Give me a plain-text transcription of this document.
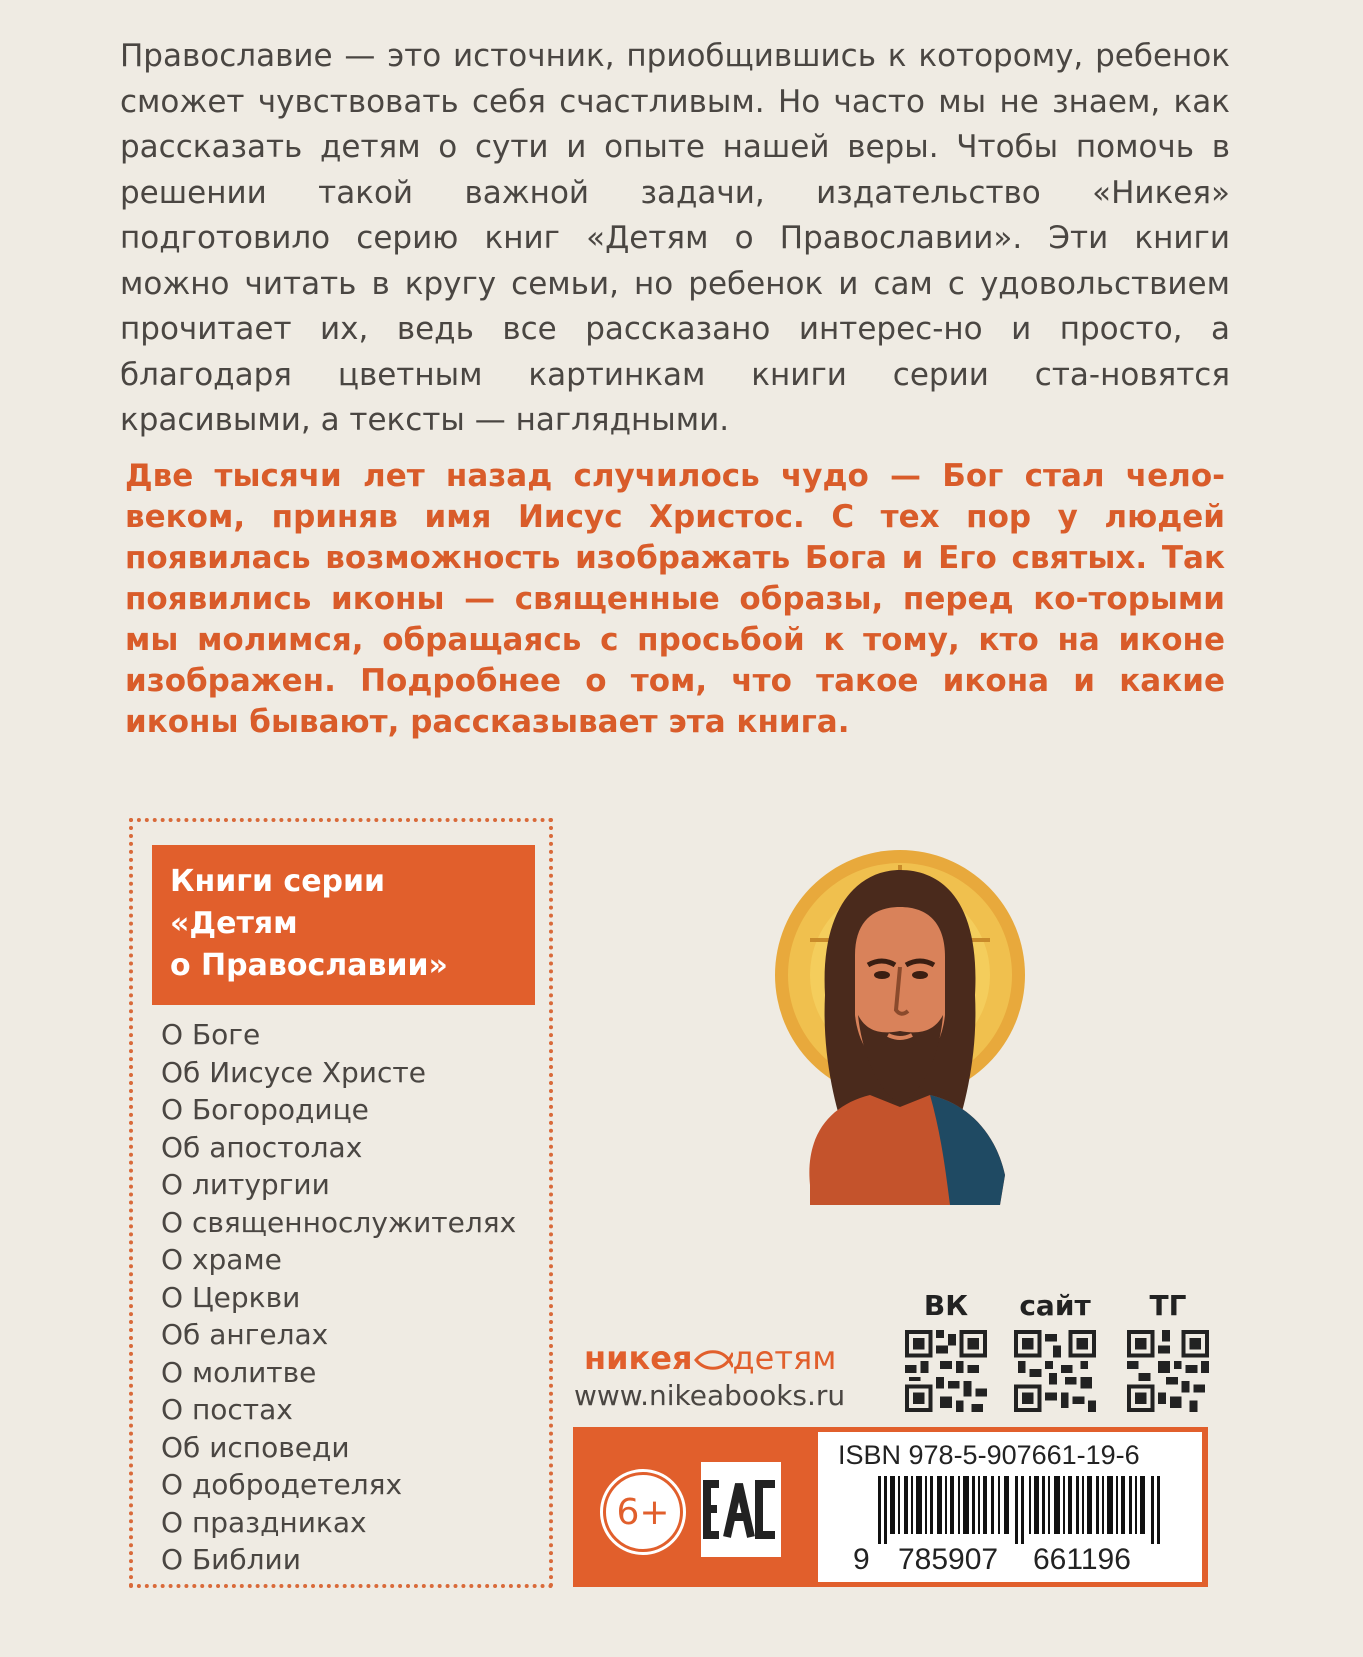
Православие — это источник, приобщившись к которому, ребенок сможет чувствовать себя счастливым. Но часто мы не знаем, как рассказать детям о сути и опыте нашей веры. Чтобы помочь в решении такой важной задачи, издательство «Никея» подготовило серию книг «Детям о Православии». Эти книги можно читать в кругу семьи, но ребенок и сам с удовольствием прочитает их, ведь все рассказано интерес-но и просто, а благодаря цветным картинкам книги серии ста-новятся красивыми, а тексты — наглядными.

Две тысячи лет назад случилось чудо — Бог стал чело-веком, приняв имя Иисус Христос. С тех пор у людей появилась возможность изображать Бога и Его святых. Так появились иконы — священные образы, перед ко-торыми мы молимся, обращаясь с просьбой к тому, кто на иконе изображен. Подробнее о том, что такое икона и какие иконы бывают, рассказывает эта книга.

Книги серии
«Детям
о Православии»
О Боге
Об Иисусе Христе
О Богородице
Об апостолах
О литургии
О священнослужителях
О храме
О Церкви
Об ангелах
О молитве
О постах
Об исповеди
О добродетелях
О праздниках
О Библии
никея детям
www.nikeabooks.ru
ВК	сайт	ТГ
6+
ISBN 978-5-907661-19-6
9 785907 661196
